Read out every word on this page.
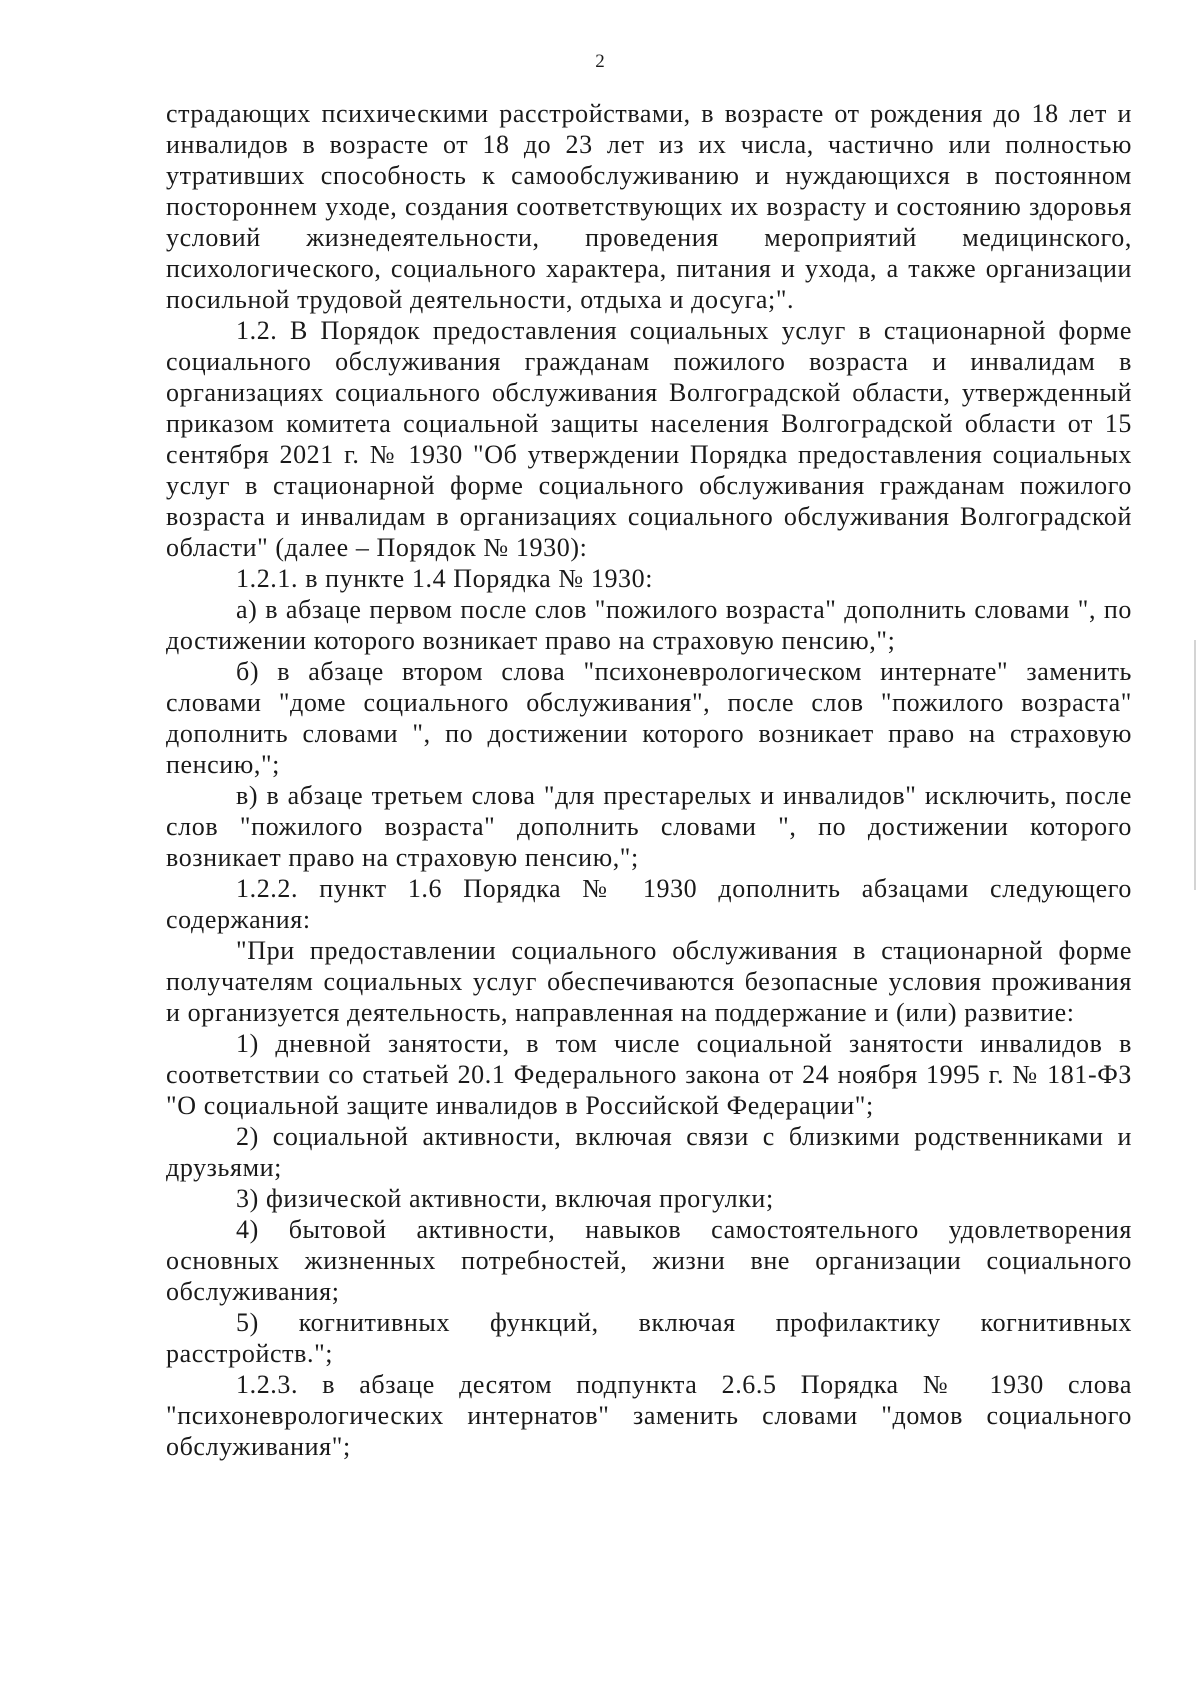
2

страдающих психическими расстройствами, в возрасте от рождения до 18 лет и инвалидов в возрасте от 18 до 23 лет из их числа, частично или полностью утративших способность к самообслуживанию и нуждающихся в постоянном постороннем уходе, создания соответствующих их возрасту и состоянию здоровья условий жизнедеятельности, проведения мероприятий медицинского, психологического, социального характера, питания и ухода, а также организации посильной трудовой деятельности, отдыха и досуга;".

1.2. В Порядок предоставления социальных услуг в стационарной форме социального обслуживания гражданам пожилого возраста и инвалидам в организациях социального обслуживания Волгоградской области, утвержденный приказом комитета социальной защиты населения Волгоградской области от 15 сентября 2021 г. № 1930 "Об утверждении Порядка предоставления социальных услуг в стационарной форме социального обслуживания гражданам пожилого возраста и инвалидам в организациях социального обслуживания Волгоградской области" (далее – Порядок № 1930):

1.2.1. в пункте 1.4 Порядка № 1930:

а) в абзаце первом после слов "пожилого возраста" дополнить словами ", по достижении которого возникает право на страховую пенсию,";

б) в абзаце втором слова "психоневрологическом интернате" заменить словами "доме социального обслуживания", после слов "пожилого возраста" дополнить словами ", по достижении которого возникает право на страховую пенсию,";

в) в абзаце третьем слова "для престарелых и инвалидов" исключить, после слов "пожилого возраста" дополнить словами ", по достижении которого возникает право на страховую пенсию,";

1.2.2. пункт 1.6 Порядка № 1930 дополнить абзацами следующего содержания:

"При предоставлении социального обслуживания в стационарной форме получателям социальных услуг обеспечиваются безопасные условия проживания и организуется деятельность, направленная на поддержание и (или) развитие:

1) дневной занятости, в том числе социальной занятости инвалидов в соответствии со статьей 20.1 Федерального закона от 24 ноября 1995 г. № 181-ФЗ "О социальной защите инвалидов в Российской Федерации";

2) социальной активности, включая связи с близкими родственниками и друзьями;

3) физической активности, включая прогулки;

4) бытовой активности, навыков самостоятельного удовлетворения основных жизненных потребностей, жизни вне организации социального обслуживания;

5) когнитивных функций, включая профилактику когнитивных расстройств.";

1.2.3. в абзаце десятом подпункта 2.6.5 Порядка № 1930 слова "психоневрологических интернатов" заменить словами "домов социального обслуживания";
